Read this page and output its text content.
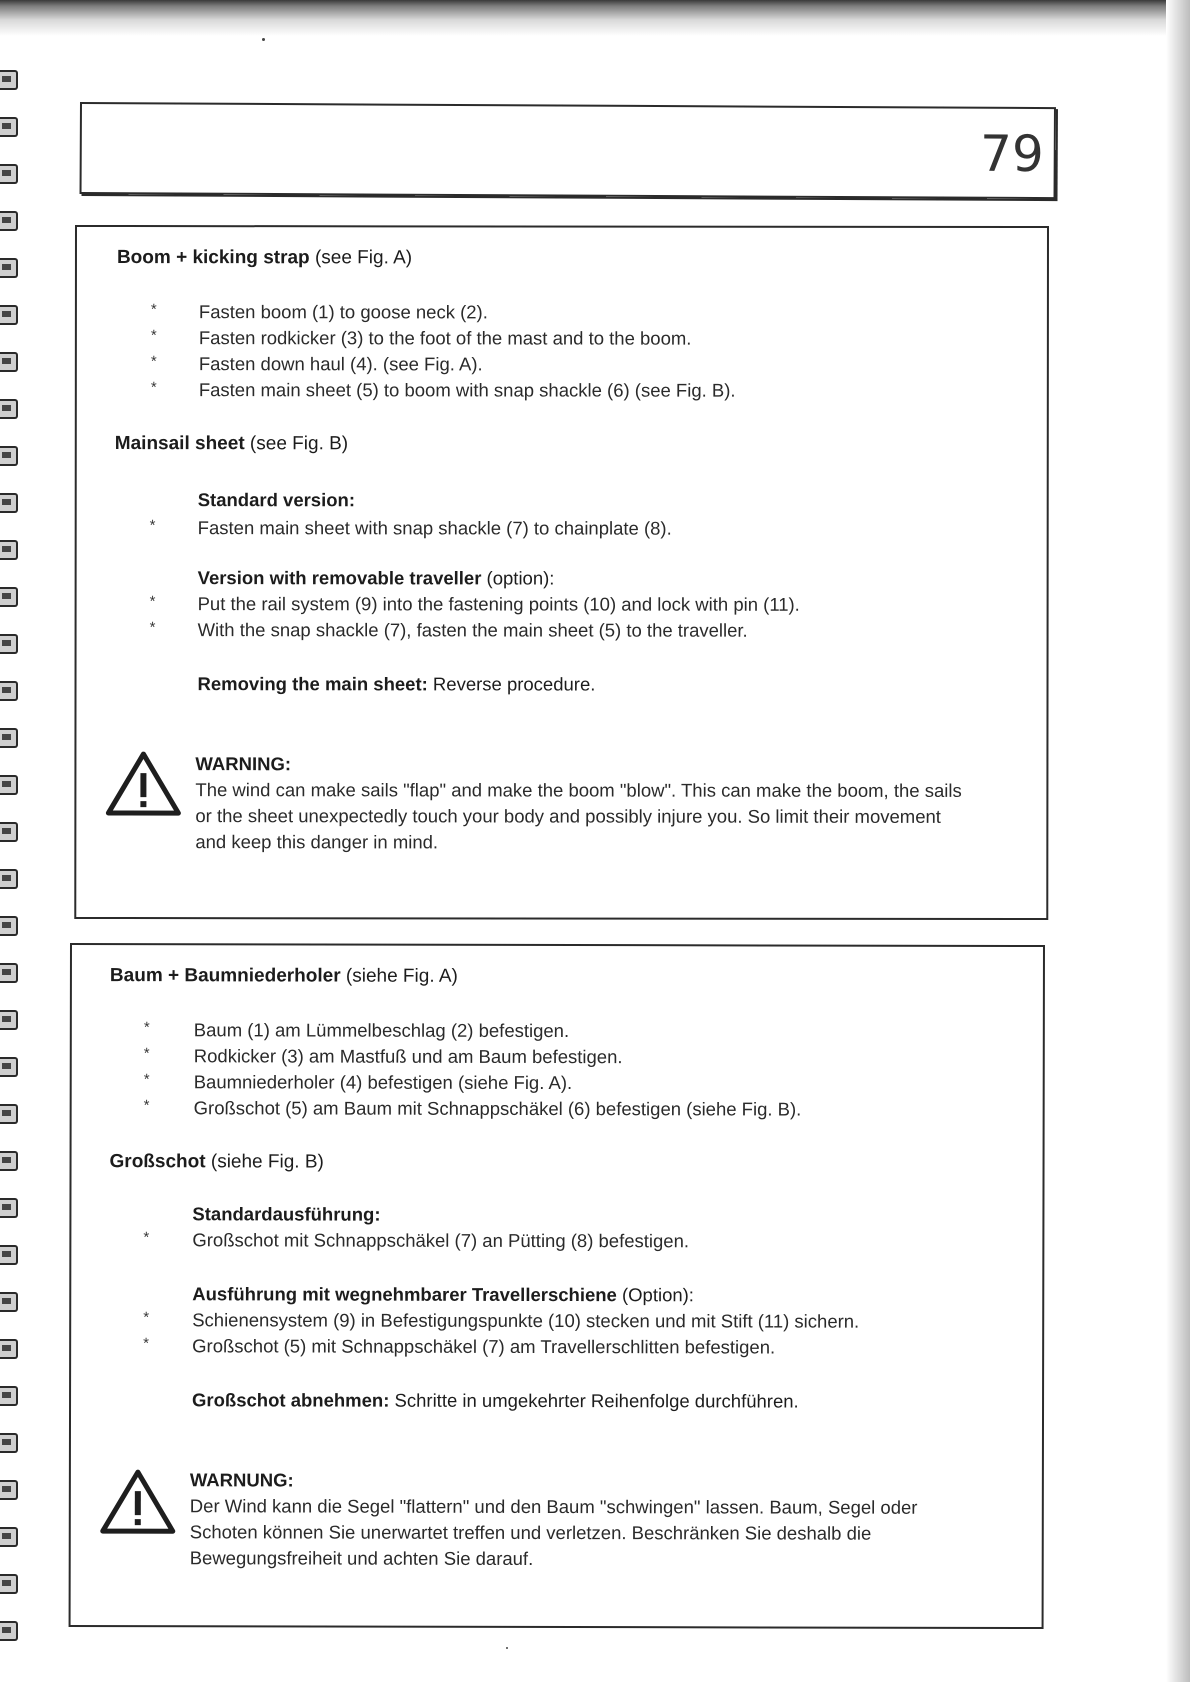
79
Boom + kicking strap (see Fig. A)
* Fasten boom (1) to goose neck (2).
* Fasten rodkicker (3) to the foot of the mast and to the boom.
* Fasten down haul (4). (see Fig. A).
* Fasten main sheet (5) to boom with snap shackle (6) (see Fig. B).
Mainsail sheet (see Fig. B)
Standard version:
* Fasten main sheet with snap shackle (7) to chainplate (8).
Version with removable traveller (option):
* Put the rail system (9) into the fastening points (10) and lock with pin (11).
* With the snap shackle (7), fasten the main sheet (5) to the traveller.
Removing the main sheet: Reverse procedure.
WARNING:
The wind can make sails "flap" and make the boom "blow". This can make the boom, the sails
or the sheet unexpectedly touch your body and possibly injure you. So limit their movement
and keep this danger in mind.
Baum + Baumniederholer (siehe Fig. A)
* Baum (1) am Lümmelbeschlag (2) befestigen.
* Rodkicker (3) am Mastfuß und am Baum befestigen.
* Baumniederholer (4) befestigen (siehe Fig. A).
* Großschot (5) am Baum mit Schnappschäkel (6) befestigen (siehe Fig. B).
Großschot (siehe Fig. B)
Standardausführung:
* Großschot mit Schnappschäkel (7) an Pütting (8) befestigen.
Ausführung mit wegnehmbarer Travellerschiene (Option):
* Schienensystem (9) in Befestigungspunkte (10) stecken und mit Stift (11) sichern.
* Großschot (5) mit Schnappschäkel (7) am Travellerschlitten befestigen.
Großschot abnehmen: Schritte in umgekehrter Reihenfolge durchführen.
WARNUNG:
Der Wind kann die Segel "flattern" und den Baum "schwingen" lassen. Baum, Segel oder
Schoten können Sie unerwartet treffen und verletzen. Beschränken Sie deshalb die
Bewegungsfreiheit und achten Sie darauf.
